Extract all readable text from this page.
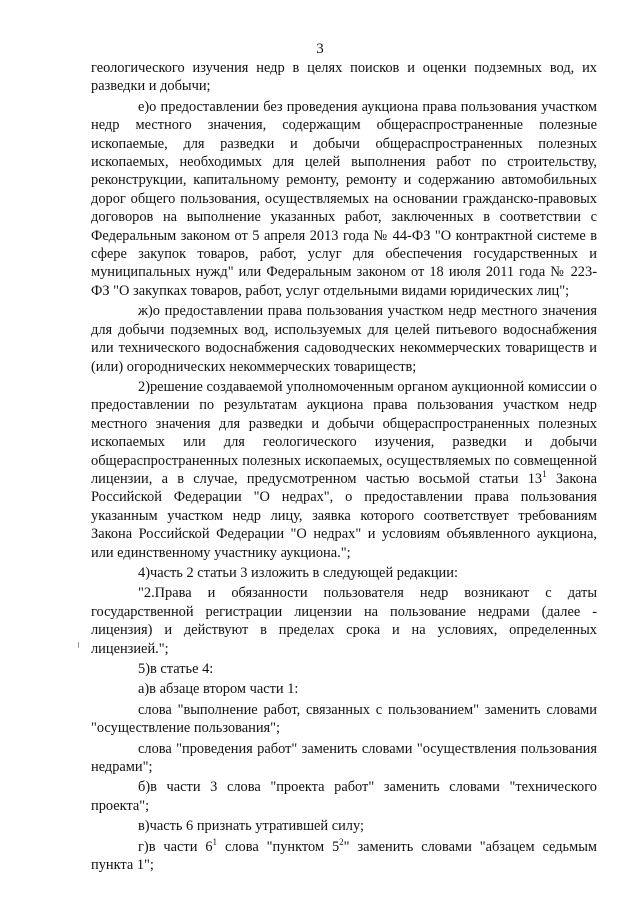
3

геологического изучения недр в целях поисков и оценки подземных вод, их разведки и добычи;

е)о предоставлении без проведения аукциона права пользования участком недр местного значения, содержащим общераспространенные полезные ископаемые, для разведки и добычи общераспространенных полезных ископаемых, необходимых для целей выполнения работ по строительству, реконструкции, капитальному ремонту, ремонту и содержанию автомобильных дорог общего пользования, осуществляемых на основании гражданско-правовых договоров на выполнение указанных работ, заключенных в соответствии с Федеральным законом от 5 апреля 2013 года № 44-ФЗ "О контрактной системе в сфере закупок товаров, работ, услуг для обеспечения государственных и муниципальных нужд" или Федеральным законом от 18 июля 2011 года № 223-ФЗ "О закупках товаров, работ, услуг отдельными видами юридических лиц";

ж)о предоставлении права пользования участком недр местного значения для добычи подземных вод, используемых для целей питьевого водоснабжения или технического водоснабжения садоводческих некоммерческих товариществ и (или) огороднических некоммерческих товариществ;

2)решение создаваемой уполномоченным органом аукционной комиссии о предоставлении по результатам аукциона права пользования участком недр местного значения для разведки и добычи общераспространенных полезных ископаемых или для геологического изучения, разведки и добычи общераспространенных полезных ископаемых, осуществляемых по совмещенной лицензии, а в случае, предусмотренном частью восьмой статьи $13^1$ Закона Российской Федерации "О недрах", о предоставлении права пользования указанным участком недр лицу, заявка которого соответствует требованиям Закона Российской Федерации "О недрах" и условиям объявленного аукциона, или единственному участнику аукциона.";

4)часть 2 статьи 3 изложить в следующей редакции:

"2.Права и обязанности пользователя недр возникают с даты государственной регистрации лицензии на пользование недрами (далее - лицензия) и действуют в пределах срока и на условиях, определенных лицензией.";

5)в статье 4:

а)в абзаце втором части 1:

слова "выполнение работ, связанных с пользованием" заменить словами "осуществление пользования";

слова "проведения работ" заменить словами "осуществления пользования недрами";

б)в части 3 слова "проекта работ" заменить словами "технического проекта";

в)часть 6 признать утратившей силу;

г)в части $6^1$ слова "пунктом $5^2$" заменить словами "абзацем седьмым пункта 1";
